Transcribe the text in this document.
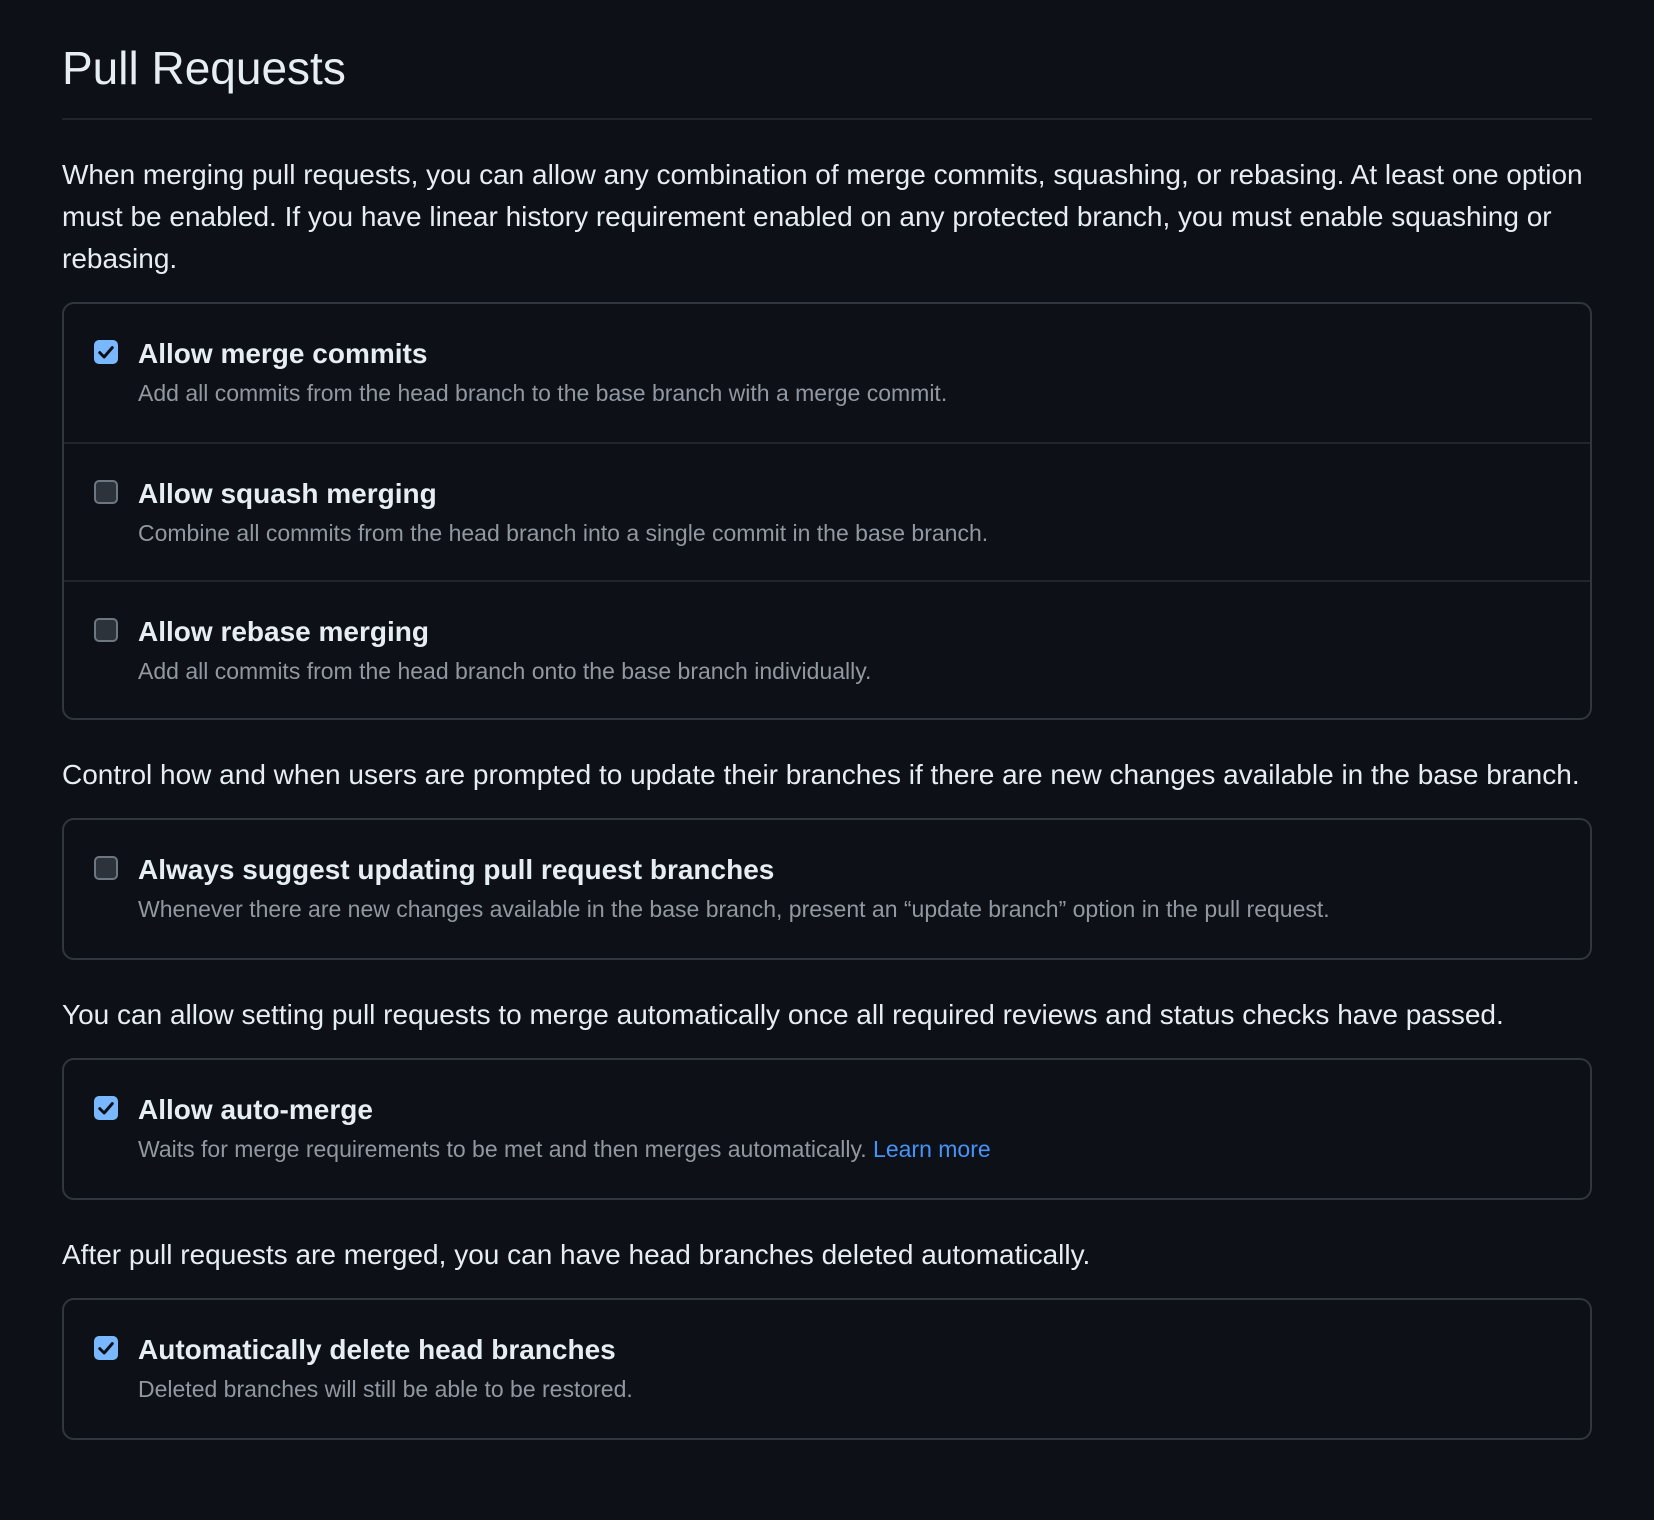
Pull Requests

When merging pull requests, you can allow any combination of merge commits, squashing, or rebasing. At least one option must be enabled. If you have linear history requirement enabled on any protected branch, you must enable squashing or rebasing.

Allow merge commits
Add all commits from the head branch to the base branch with a merge commit.
Allow squash merging
Combine all commits from the head branch into a single commit in the base branch.
Allow rebase merging
Add all commits from the head branch onto the base branch individually.

Control how and when users are prompted to update their branches if there are new changes available in the base branch.

Always suggest updating pull request branches
Whenever there are new changes available in the base branch, present an “update branch” option in the pull request.

You can allow setting pull requests to merge automatically once all required reviews and status checks have passed.

Allow auto-merge
Waits for merge requirements to be met and then merges automatically. Learn more

After pull requests are merged, you can have head branches deleted automatically.

Automatically delete head branches
Deleted branches will still be able to be restored.
